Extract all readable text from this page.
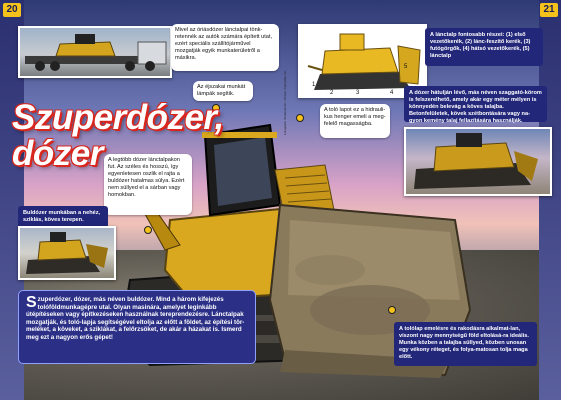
20	21
Mivel az óriásdózer lánctalpai tönk-retennék az autók számára épített utat, ezért speciális szállítójárművel mozgatják egyik munkaterületről a másikra.
Fotografie: Shutterstock • Picture: Caterpillar Inc.	1
2	3	4
5
A lánctalp fontosabb részei: (1) első vezetőkerék, (2) lánc-feszítő kerék, (3) futógörgők, (4) hátsó vezetőkerék, (5) lánctalp
A dózer hátulján lévő, más néven szaggató-körom is felszerelhető, amely akár egy méter mélyen is könnyedén belevág a köves talajba. Betonfelületek, kövek szétbontására vagy na-gyon kemény talaj fellazítására használják.
Az éjszakai munkát lámpák segítik.
A toló lapot ez a hidrauli-kus henger emeli a meg-felelő magasságba.
Szuperdózer,
dózer A legtöbb dózer lánctalpakon fut. Az széles és hosszú, így egyenletesen oszlik el rajta a buldózer hatalmas súlya. Ezért nem süllyed el a sárban vagy homokban.
Buldózer munkában a nehéz, sziklás, köves terepen.
Szuperdózer, dózer, más néven buldózer. Mind a három kifejezés tolóföldmunkagépre utal. Olyan masinára, amelyet leginkább útépítéseken vagy építkezéseken használnak tereprendezésre. Lánctalpak mozgatják, és toló-lapja segítségével eltolja az előtt a földet, az építési tör-meléket, a köveket, a sziklákat, a felőrzsöket, de akár a házakat is. Ismerd meg ezt a nagyon erős gépet!
A tolólap emelésre és rakodásra alkalmat-lan, viszont nagy mennyiségű föld eltolásá-ra ideális. Munka közben a talajba süllyed, közben unosan egy vékony réteget, és folya-matosan tolja maga előtt.
